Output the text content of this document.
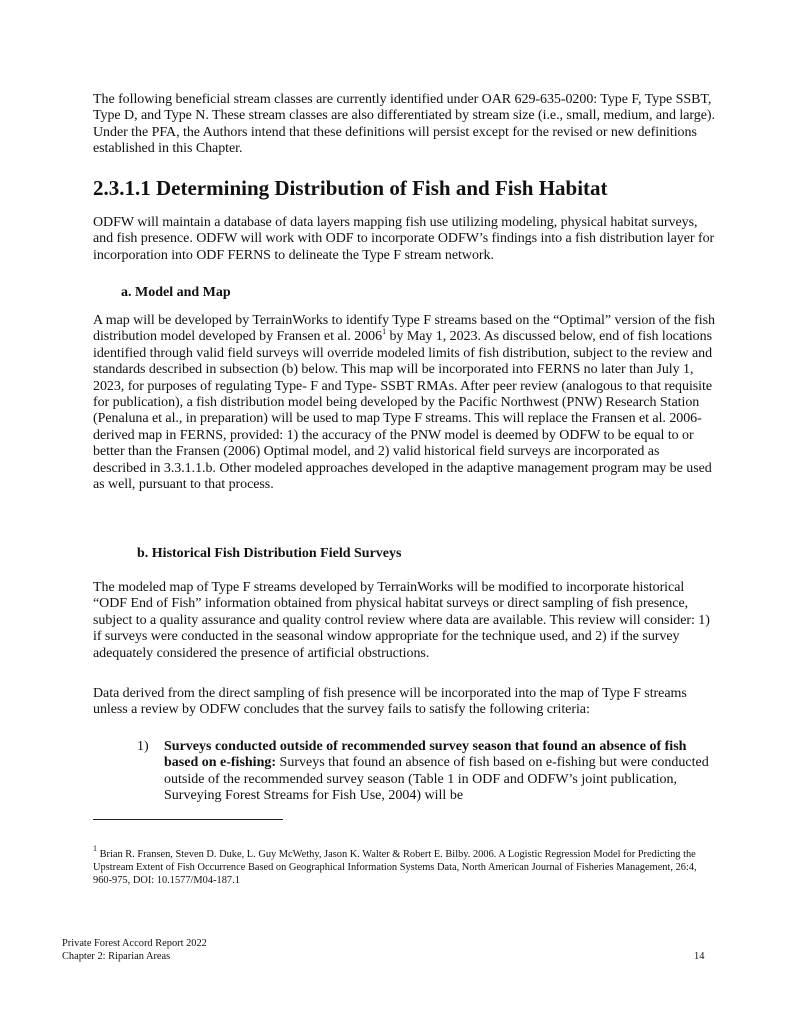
The following beneficial stream classes are currently identified under OAR 629-635-0200: Type F, Type SSBT, Type D, and Type N. These stream classes are also differentiated by stream size (i.e., small, medium, and large). Under the PFA, the Authors intend that these definitions will persist except for the revised or new definitions established in this Chapter.

2.3.1.1 Determining Distribution of Fish and Fish Habitat

ODFW will maintain a database of data layers mapping fish use utilizing modeling, physical habitat surveys, and fish presence. ODFW will work with ODF to incorporate ODFW’s findings into a fish distribution layer for incorporation into ODF FERNS to delineate the Type F stream network.

a. Model and Map

A map will be developed by TerrainWorks to identify Type F streams based on the “Optimal” version of the fish distribution model developed by Fransen et al. 2006$^1$ by May 1, 2023. As discussed below, end of fish locations identified through valid field surveys will override modeled limits of fish distribution, subject to the review and standards described in subsection (b) below. This map will be incorporated into FERNS no later than July 1, 2023, for purposes of regulating Type- F and Type- SSBT RMAs. After peer review (analogous to that requisite for publication), a fish distribution model being developed by the Pacific Northwest (PNW) Research Station (Penaluna et al., in preparation) will be used to map Type F streams. This will replace the Fransen et al. 2006-derived map in FERNS, provided: 1) the accuracy of the PNW model is deemed by ODFW to be equal to or better than the Fransen (2006) Optimal model, and 2) valid historical field surveys are incorporated as described in 3.3.1.1.b. Other modeled approaches developed in the adaptive management program may be used as well, pursuant to that process.

b. Historical Fish Distribution Field Surveys

The modeled map of Type F streams developed by TerrainWorks will be modified to incorporate historical “ODF End of Fish” information obtained from physical habitat surveys or direct sampling of fish presence, subject to a quality assurance and quality control review where data are available. This review will consider: 1) if surveys were conducted in the seasonal window appropriate for the technique used, and 2) if the survey adequately considered the presence of artificial obstructions.

Data derived from the direct sampling of fish presence will be incorporated into the map of Type F streams unless a review by ODFW concludes that the survey fails to satisfy the following criteria:

1) Surveys conducted outside of recommended survey season that found an absence of fish based on e-fishing: Surveys that found an absence of fish based on e-fishing but were conducted outside of the recommended survey season (Table 1 in ODF and ODFW’s joint publication, Surveying Forest Streams for Fish Use, 2004) will be

$^1$ Brian R. Fransen, Steven D. Duke, L. Guy McWethy, Jason K. Walter & Robert E. Bilby. 2006. A Logistic Regression Model for Predicting the Upstream Extent of Fish Occurrence Based on Geographical Information Systems Data, North American Journal of Fisheries Management, 26:4, 960-975, DOI: 10.1577/M04-187.1

Private Forest Accord Report 2022
Chapter 2: Riparian Areas	14
